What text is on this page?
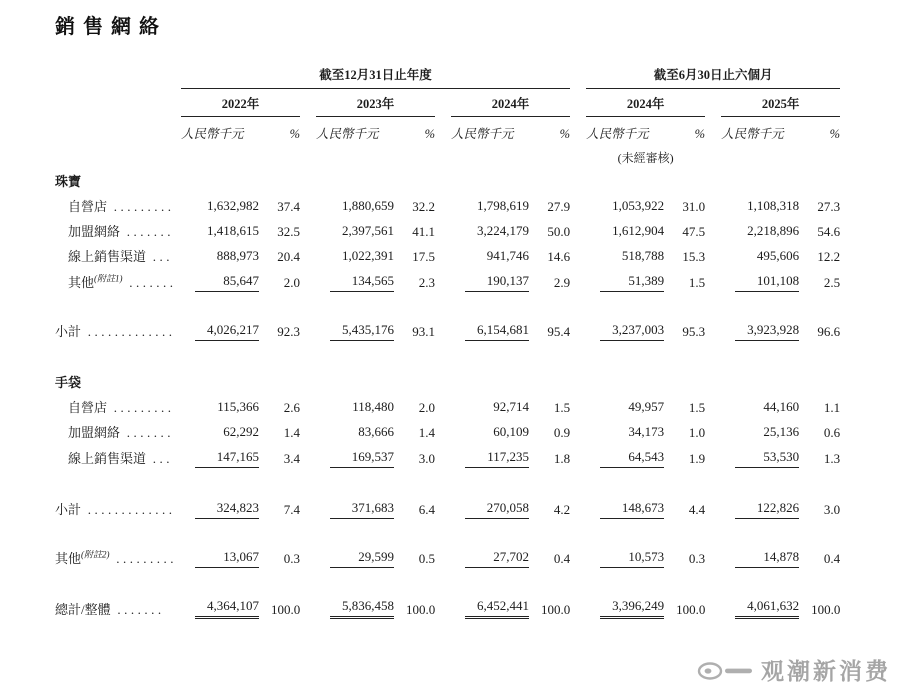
銷售網絡

	截至12月31日止年度						截至6月30日止六個月			

	2022年		2023年		2024年		2024年		2025年	

	人民幣千元	%	人民幣千元	%	人民幣千元	%	人民幣千元	%	人民幣千元	%

							(未經審核)			

珠寶										
自營店 .........	1,632,982	37.4	1,880,659	32.2	1,798,619	27.9	1,053,922	31.0	1,108,318	27.3
加盟網絡 .......	1,418,615	32.5	2,397,561	41.1	3,224,179	50.0	1,612,904	47.5	2,218,896	54.6
線上銷售渠道 ...	888,973	20.4	1,022,391	17.5	941,746	14.6	518,788	15.3	495,606	12.2
其他$^{(附註1)}$ .......	85,647	2.0	134,565	2.3	190,137	2.9	51,389	1.5	101,108	2.5
小計 .............	4,026,217	92.3	5,435,176	93.1	6,154,681	95.4	3,237,003	95.3	3,923,928	96.6
手袋										
自營店 .........	115,366	2.6	118,480	2.0	92,714	1.5	49,957	1.5	44,160	1.1
加盟網絡 .......	62,292	1.4	83,666	1.4	60,109	0.9	34,173	1.0	25,136	0.6
線上銷售渠道 ...	147,165	3.4	169,537	3.0	117,235	1.8	64,543	1.9	53,530	1.3
小計 .............	324,823	7.4	371,683	6.4	270,058	4.2	148,673	4.4	122,826	3.0
其他$^{(附註2)}$ .........	13,067	0.3	29,599	0.5	27,702	0.4	10,573	0.3	14,878	0.4
總計/整體 .......	4,364,107	100.0	5,836,458	100.0	6,452,441	100.0	3,396,249	100.0	4,061,632	100.0
观潮新消费
